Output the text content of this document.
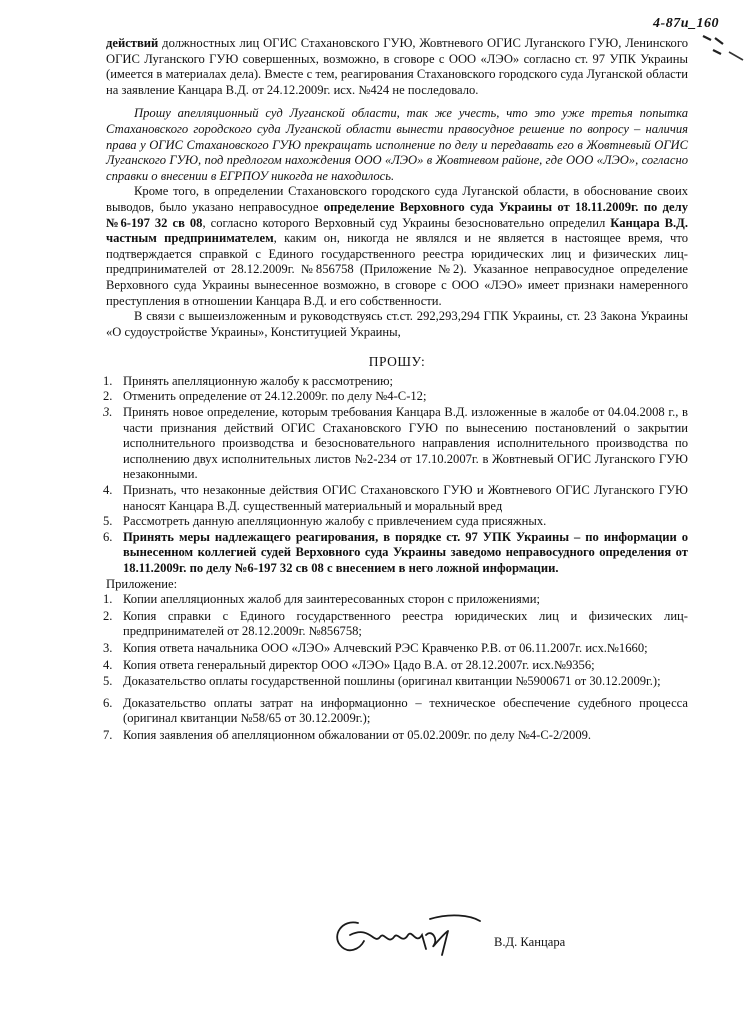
4-87u_160

действий должностных лиц ОГИС Стахановского ГУЮ, Жовтневого ОГИС Луганского ГУЮ, Ленинского ОГИС Луганского ГУЮ совершенных, возможно, в сговоре с ООО «ЛЭО» согласно ст. 97 УПК Украины (имеется в материалах дела). Вместе с тем, реагирования Стахановского городского суда Луганской области на заявление Канцара В.Д. от 24.12.2009г. исх. №424 не последовало.

Прошу апелляционный суд Луганской области, так же учесть, что это уже третья попытка Стахановского городского суда Луганской области вынести правосудное решение по вопросу – наличия права у ОГИС Стахановского ГУЮ прекращать исполнение по делу и передавать его в Жовтневый ОГИС Луганского ГУЮ, под предлогом нахождения ООО «ЛЭО» в Жовтневом районе, где ООО «ЛЭО», согласно справки о внесении в ЕГРПОУ никогда не находилось.

Кроме того, в определении Стахановского городского суда Луганской области, в обоснование своих выводов, было указано неправосудное определение Верховного суда Украины от 18.11.2009г. по делу №6-197 32 св 08, согласно которого Верховный суд Украины безосновательно определил Канцара В.Д. частным предпринимателем, каким он, никогда не являлся и не является в настоящее время, что подтверждается справкой с Единого государственного реестра юридических лиц и физических лиц-предпринимателей от 28.12.2009г. №856758 (Приложение №2). Указанное неправосудное определение Верховного суда Украины вынесенное возможно, в сговоре с ООО «ЛЭО» имеет признаки намеренного преступления в отношении Канцара В.Д. и его собственности.

В связи с вышеизложенным и руководствуясь ст.ст. 292,293,294 ГПК Украины, ст. 23 Закона Украины «О судоустройстве Украины», Конституцией Украины,

ПРОШУ:
1. Принять апелляционную жалобу к рассмотрению;
2. Отменить определение от 24.12.2009г. по делу №4-С-12;
3. Принять новое определение, которым требования Канцара В.Д. изложенные в жалобе от 04.04.2008 г., в части признания действий ОГИС Стахановского ГУЮ по вынесению постановлений о закрытии исполнительного производства и безосновательного направления исполнительного производства по исполнению двух исполнительных листов №2-234 от 17.10.2007г. в Жовтневый ОГИС Луганского ГУЮ незаконными.
4. Признать, что незаконные действия ОГИС Стахановского ГУЮ и Жовтневого ОГИС Луганского ГУЮ наносят Канцара В.Д. существенный материальный и моральный вред
5. Рассмотреть данную апелляционную жалобу с привлечением суда присяжных.
6. Принять меры надлежащего реагирования, в порядке ст. 97 УПК Украины – по информации о вынесенном коллегией судей Верховного суда Украины заведомо неправосудного определения от 18.11.2009г. по делу №6-197 32 св 08 с внесением в него ложной информации.

Приложение:

1. Копии апелляционных жалоб для заинтересованных сторон с приложениями;
2. Копия справки с Единого государственного реестра юридических лиц и физических лиц-предпринимателей от 28.12.2009г. №856758;
3. Копия ответа начальника ООО «ЛЭО» Алчевский РЭС Кравченко Р.В. от 06.11.2007г. исх.№1660;
4. Копия ответа генеральный директор ООО «ЛЭО» Цадо В.А. от 28.12.2007г. исх.№9356;
5. Доказательство оплаты государственной пошлины (оригинал квитанции №5900671 от 30.12.2009г.);
6. Доказательство оплаты затрат на информационно – техническое обеспечение судебного процесса (оригинал квитанции №58/65 от 30.12.2009г.);
7. Копия заявления об апелляционном обжаловании от 05.02.2009г. по делу №4-С-2/2009.
В.Д. Канцара
